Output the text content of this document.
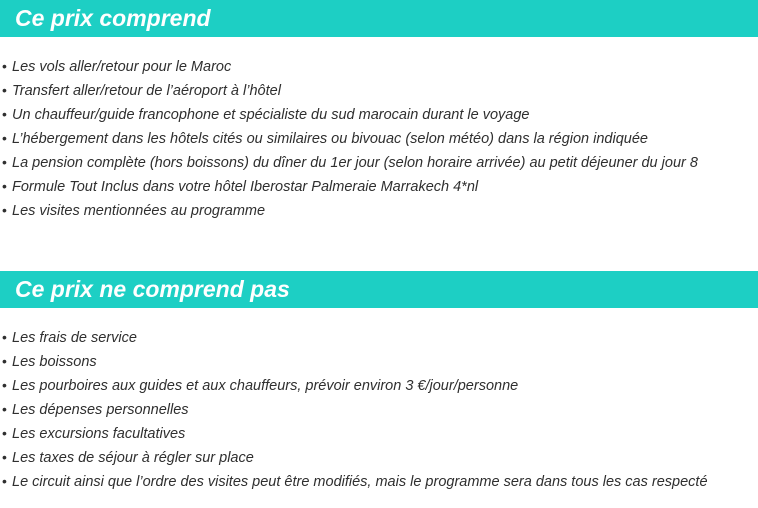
Ce prix comprend
• Les vols aller/retour pour le Maroc
• Transfert aller/retour de l’aéroport à l’hôtel
• Un chauffeur/guide francophone et spécialiste du sud marocain durant le voyage
• L’hébergement dans les hôtels cités ou similaires ou bivouac (selon météo) dans la région indiquée
• La pension complète (hors boissons) du dîner du 1er jour (selon horaire arrivée) au petit déjeuner du jour 8
• Formule Tout Inclus dans votre hôtel Iberostar Palmeraie Marrakech 4*nl
• Les visites mentionnées au programme
Ce prix ne comprend pas
• Les frais de service
• Les boissons
• Les pourboires aux guides et aux chauffeurs, prévoir environ 3 €/jour/personne
• Les dépenses personnelles
• Les excursions facultatives
• Les taxes de séjour à régler sur place
• Le circuit ainsi que l’ordre des visites peut être modifiés, mais le programme sera dans tous les cas respecté
